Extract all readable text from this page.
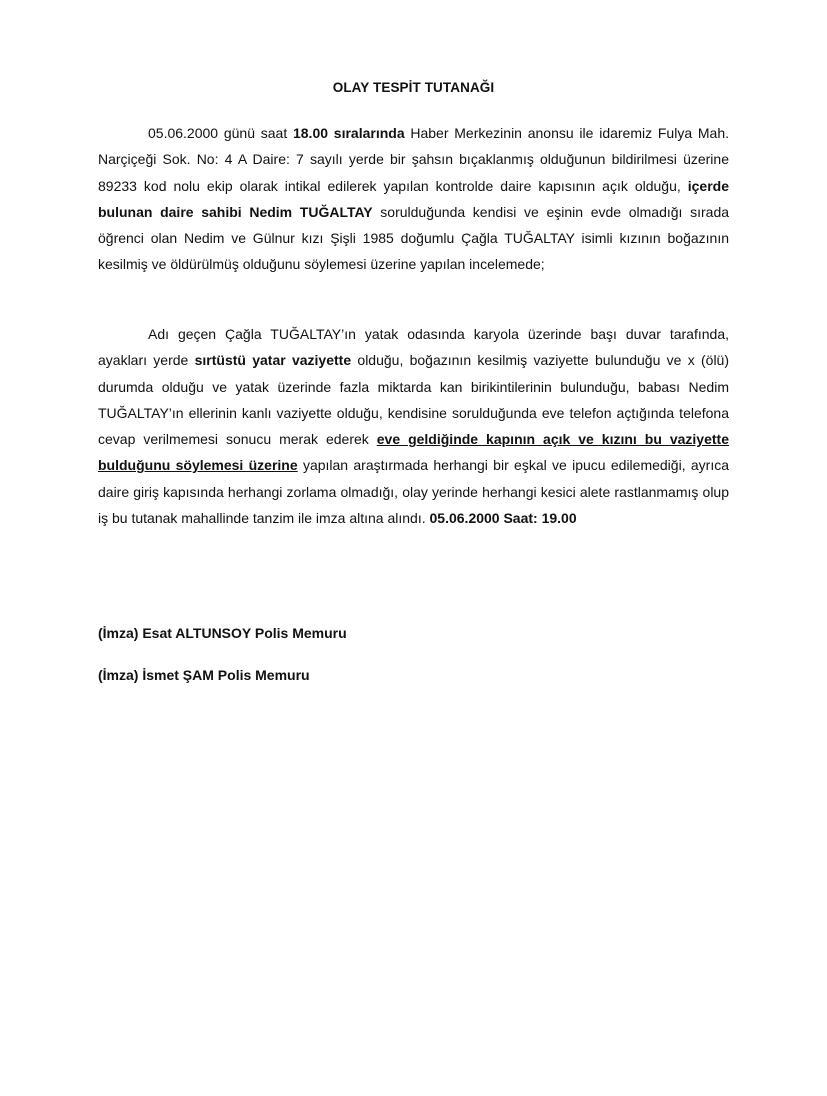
OLAY TESPİT TUTANAĞI

05.06.2000 günü saat 18.00 sıralarında Haber Merkezinin anonsu ile idaremiz Fulya Mah. Narçiçeği Sok. No: 4 A Daire: 7 sayılı yerde bir şahsın bıçaklanmış olduğunun bildirilmesi üzerine 89233 kod nolu ekip olarak intikal edilerek yapılan kontrolde daire kapısının açık olduğu, içerde bulunan daire sahibi Nedim TUĞALTAY sorulduğunda kendisi ve eşinin evde olmadığı sırada öğrenci olan Nedim ve Gülnur kızı Şişli 1985 doğumlu Çağla TUĞALTAY isimli kızının boğazının kesilmiş ve öldürülmüş olduğunu söylemesi üzerine yapılan incelemede;

Adı geçen Çağla TUĞALTAY’ın yatak odasında karyola üzerinde başı duvar tarafında, ayakları yerde sırtüstü yatar vaziyette olduğu, boğazının kesilmiş vaziyette bulunduğu ve x (ölü) durumda olduğu ve yatak üzerinde fazla miktarda kan birikintilerinin bulunduğu, babası Nedim TUĞALTAY’ın ellerinin kanlı vaziyette olduğu, kendisine sorulduğunda eve telefon açtığında telefona cevap verilmemesi sonucu merak ederek eve geldiğinde kapının açık ve kızını bu vaziyette bulduğunu söylemesi üzerine yapılan araştırmada herhangi bir eşkal ve ipucu edilemediği, ayrıca daire giriş kapısında herhangi zorlama olmadığı, olay yerinde herhangi kesici alete rastlanmamış olup iş bu tutanak mahallinde tanzim ile imza altına alındı. 05.06.2000 Saat: 19.00

(İmza) Esat ALTUNSOY Polis Memuru
(İmza) İsmet ŞAM Polis Memuru
